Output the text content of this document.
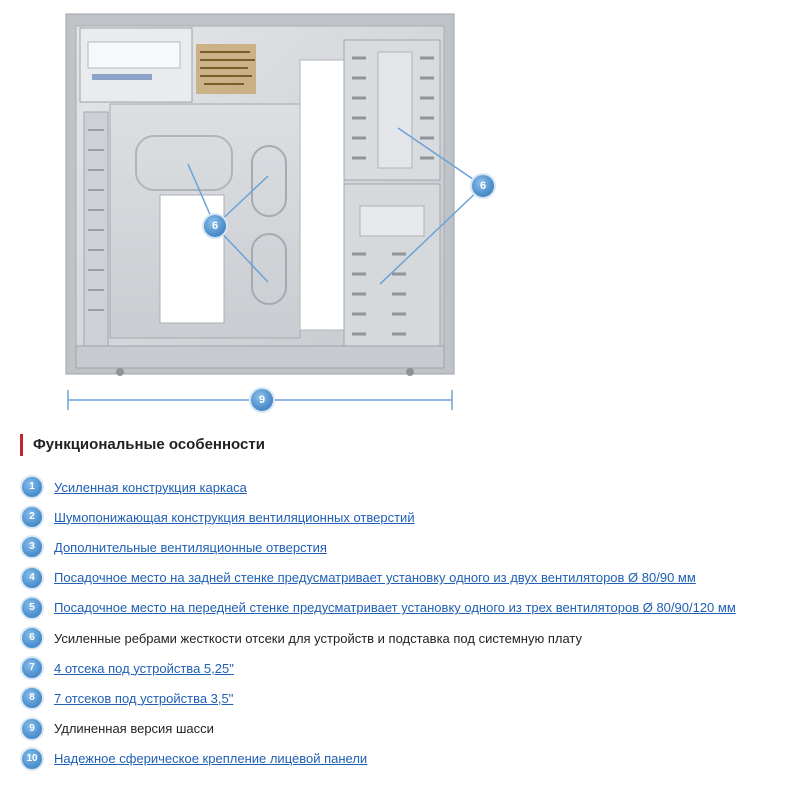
6
6
9
Функциональные особенности
1	Усиленная конструкция каркаса
2	Шумопонижающая конструкция вентиляционных отверстий
3	Дополнительные вентиляционные отверстия
4	Посадочное место на задней стенке предусматривает установку одного из двух вентиляторов Ø 80/90 мм
5	Посадочное место на передней стенке предусматривает установку одного из трех вентиляторов Ø 80/90/120 мм
6	Усиленные ребрами жесткости отсеки для устройств и подставка под системную плату
7	4 отсека под устройства 5,25"
8	7 отсеков под устройства 3,5"
9	Удлиненная версия шасси
10	Надежное сферическое крепление лицевой панели
